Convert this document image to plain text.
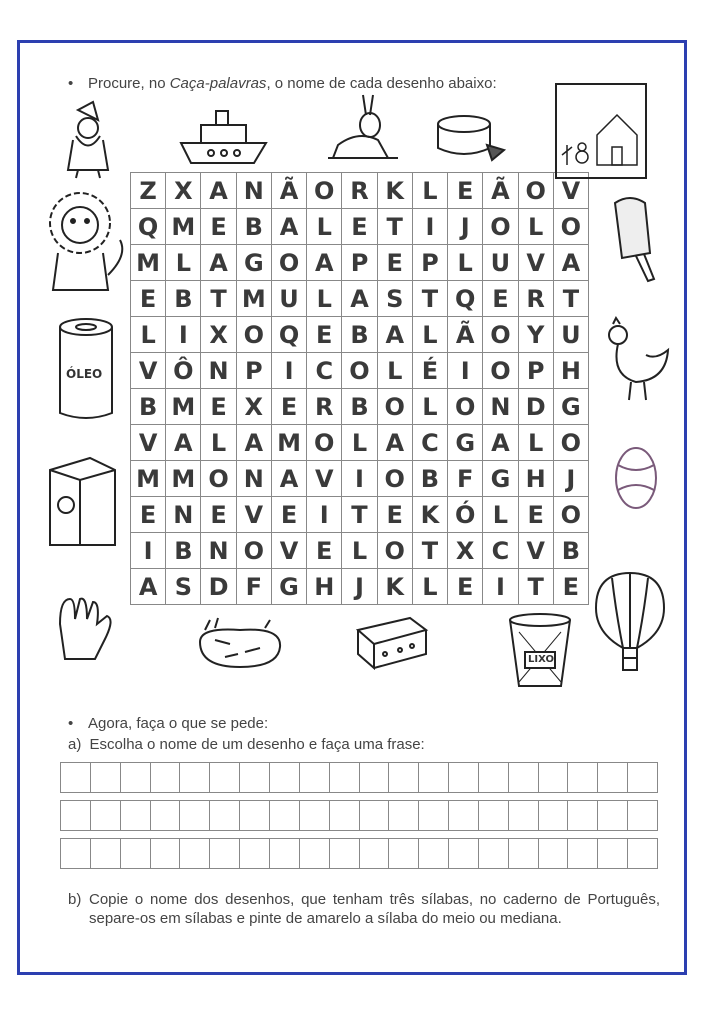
• Procure, no Caça-palavras, o nome de cada desenho abaixo:
Z X A N Ã O R K L E Ã O V
Q M E B A L E T I	J O L O
M L A G O A P E P L U V A
E B T M U L A S T Q E R T
L I X O Q E B A L Ã O Y U
V Ô N P I C O L É I O P H
B M E X E R B O L O N D G
V A L A M O L A C G A L O
M M O N A V I O B F G H J
E N E V E I T E K Ó L E O
I B N O V E L O T X C V B
A S D F G H J K L E I T E
ÓLEO
LIXO
• Agora, faça o que se pede:
a) Escolha o nome de um desenho e faça uma frase:
b) Copie o nome dos desenhos, que tenham três sílabas, no caderno de Português, separe-os em sílabas e pinte de amarelo a sílaba do meio ou mediana.
